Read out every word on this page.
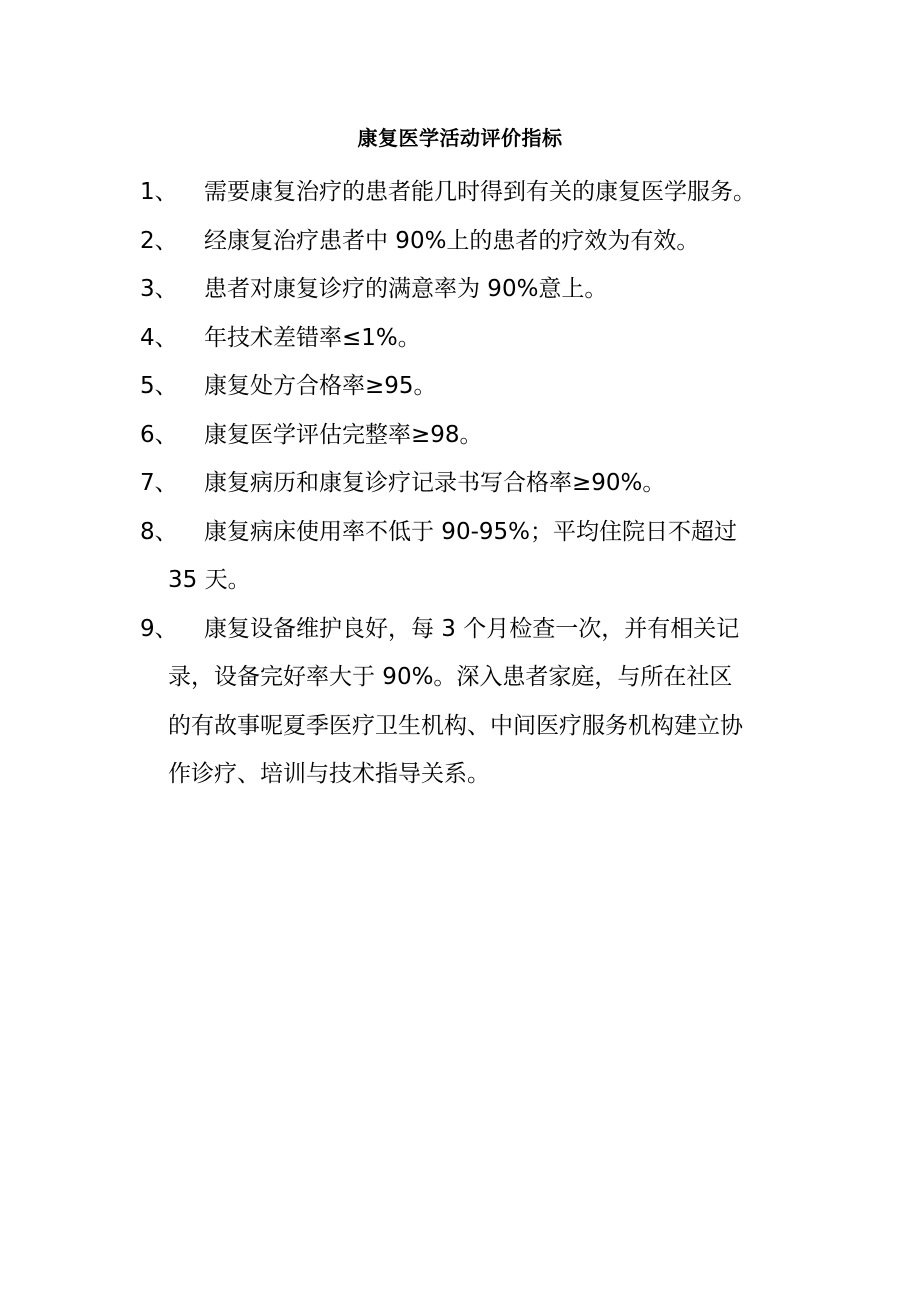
康复医学活动评价指标
1、	需要康复治疗的患者能几时得到有关的康复医学服务。
2、	经康复治疗患者中 90%上的患者的疗效为有效。
3、	患者对康复诊疗的满意率为 90%意上。
4、	年技术差错率≤1%。
5、	康复处方合格率≥95。
6、	康复医学评估完整率≥98。
7、	康复病历和康复诊疗记录书写合格率≥90%。
8、	康复病床使用率不低于 90-95%；平均住院日不超过
35 天。
9、	康复设备维护良好，每 3 个月检查一次，并有相关记
录，设备完好率大于 90%。深入患者家庭，与所在社区
的有故事呢夏季医疗卫生机构、中间医疗服务机构建立协
作诊疗、培训与技术指导关系。
